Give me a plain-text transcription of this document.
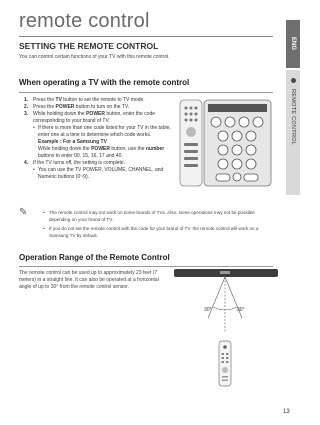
remote control
ENG
REMOTE CONTROL
SETTING THE REMOTE CONTROL
You can control certain functions of your TV with this remote control.
When operating a TV with the remote control
1. Press the TV button to set the remote to TV mode.
2. Press the POWER button to turn on the TV.
3. While holding down the POWER button, enter the code corresponding to your brand of TV.
• If there is more than one code listed for your TV in the table, enter one at a time to determine which code works.
Example : For a Samsung TV
While holding down the POWER button, use the number buttons to enter 00, 15, 16, 17 and 40.
4. If the TV turns off, the setting is complete.
• You can use the TV POWER, VOLUME, CHANNEL, and Numeric buttons (0~9).
✎	• The remote control may not work on some brands of TVs. Also, some operations may not be possible depending on your brand of TV.
• If you do not set the remote control with the code for your brand of TV, the remote control will work on a Samsung TV by default.
Operation Range of the Remote Control
The remote control can be used up to approximately 23 feet (7 meters) in a straight line. It can also be operated at a horizontal angle of up to 30° from the remote control sensor.
30°	30°
13
